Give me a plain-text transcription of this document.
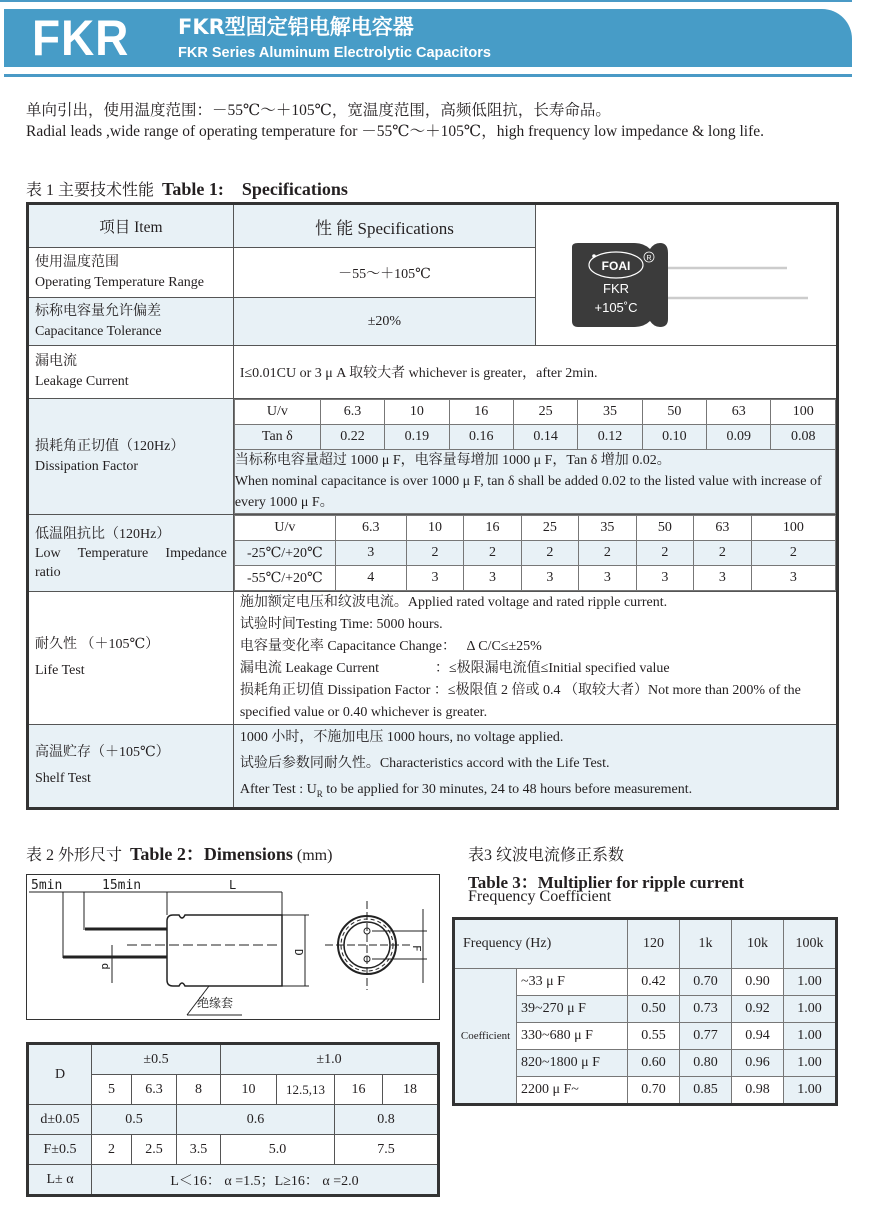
FKR FKR型固定铝电解电容器
FKR Series Aluminum Electrolytic Capacitors
单向引出，使用温度范围：－55℃～＋105℃，宽温度范围，高频低阻抗，长寿命品。
Radial leads ,wide range of operating temperature for －55℃～＋105℃，high frequency low impedance & long life.
表 1 主要技术性能 Table 1:　Specifications
项目 Item	性 能 Specifications	
FOAI
R
FKR
+105˚C

使用温度范围
Operating Temperature Range
	－55～＋105℃

标称电容量允许偏差
Capacitance Tolerance
	±20%

漏电流
Leakage Current
	I≤0.01CU or 3 μ A 取较大者 whichever is greater，after 2min.

损耗角正切值（120Hz）
Dissipation Factor

U/v	6.3	10	16	25	35	50	63	100
Tan δ	0.22	0.19	0.16	0.14	0.12	0.10	0.09	0.08

当标称电容量超过 1000 μ F，电容量每增加 1000 μ F，Tan δ 增加 0.02。
When nominal capacitance is over 1000 μ F, tan δ shall be added 0.02 to the listed value with increase of every 1000 μ F。

低温阻抗比（120Hz）
Low Temperature Impedance ratio

U/v	6.3	10	16	25	35	50	63	100
-25℃/+20℃	3	2	2	2	2	2	2	2
-55℃/+20℃	4	3	3	3	3	3	3	3

耐久性 （＋105℃）
Life Test

施加额定电压和纹波电流。Applied rated voltage and rated ripple current.
试验时间Testing Time: 5000 hours.
电容量变化率 Capacitance Change：　 Δ C/C≤±25%
漏电流 Leakage Current　　　　：≤极限漏电流值≤Initial specified value
损耗角正切值 Dissipation Factor ：≤极限值 2 倍或 0.4 （取较大者）Not more than 200% of the specified value or 0.40 whichever is greater.

高温贮存（＋105℃）
Shelf Test

1000 小时，不施加电压 1000 hours, no voltage applied.
试验后参数同耐久性。Characteristics accord with the Life Test.
After Test : $U_R$ to be applied for 30 minutes, 24 to 48 hours before measurement.
表 2 外形尺寸 Table 2：Dimensions (mm)
5min	15min	L
D
d
F
绝缘套
D	±0.5			±1.0			
	5	6.3	8	10	12.5,13	16	18
d±0.05	0.5		0.6			0.8	
F±0.5	2	2.5	3.5	5.0		7.5	
L± α	L＜16： α =1.5；L≥16： α =2.0						
表3 纹波电流修正系数
Table 3：Multiplier for ripple current
Frequency Coefficient
Frequency (Hz)		120	1k	10k	100k
Coefficient	~33 μ F	0.42	0.70	0.90	1.00
	39~270 μ F	0.50	0.73	0.92	1.00
	330~680 μ F	0.55	0.77	0.94	1.00
	820~1800 μ F	0.60	0.80	0.96	1.00
	2200 μ F~	0.70	0.85	0.98	1.00
